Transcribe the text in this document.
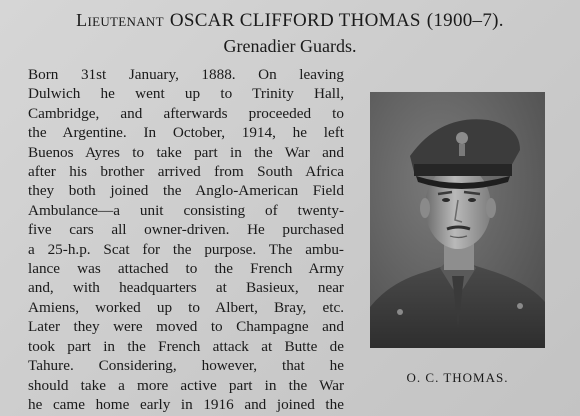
Lieutenant OSCAR CLIFFORD THOMAS (1900–7).
Grenadier Guards.

Born 31st January, 1888. On leaving
Dulwich he went up to Trinity Hall,
Cambridge, and afterwards proceeded to
the Argentine. In October, 1914, he left
Buenos Ayres to take part in the War and
after his brother arrived from South Africa
they both joined the Anglo-American Field
Ambulance—a unit consisting of twenty-
five cars all owner-driven. He purchased
a 25-h.p. Scat for the purpose. The ambu-
lance was attached to the French Army
and, with headquarters at Basieux, near
Amiens, worked up to Albert, Bray, etc.
Later they were moved to Champagne and
took part in the French attack at Butte de
Tahure. Considering, however, that he
should take a more active part in the War
he came home early in 1916 and joined the

O. C. THOMAS.
